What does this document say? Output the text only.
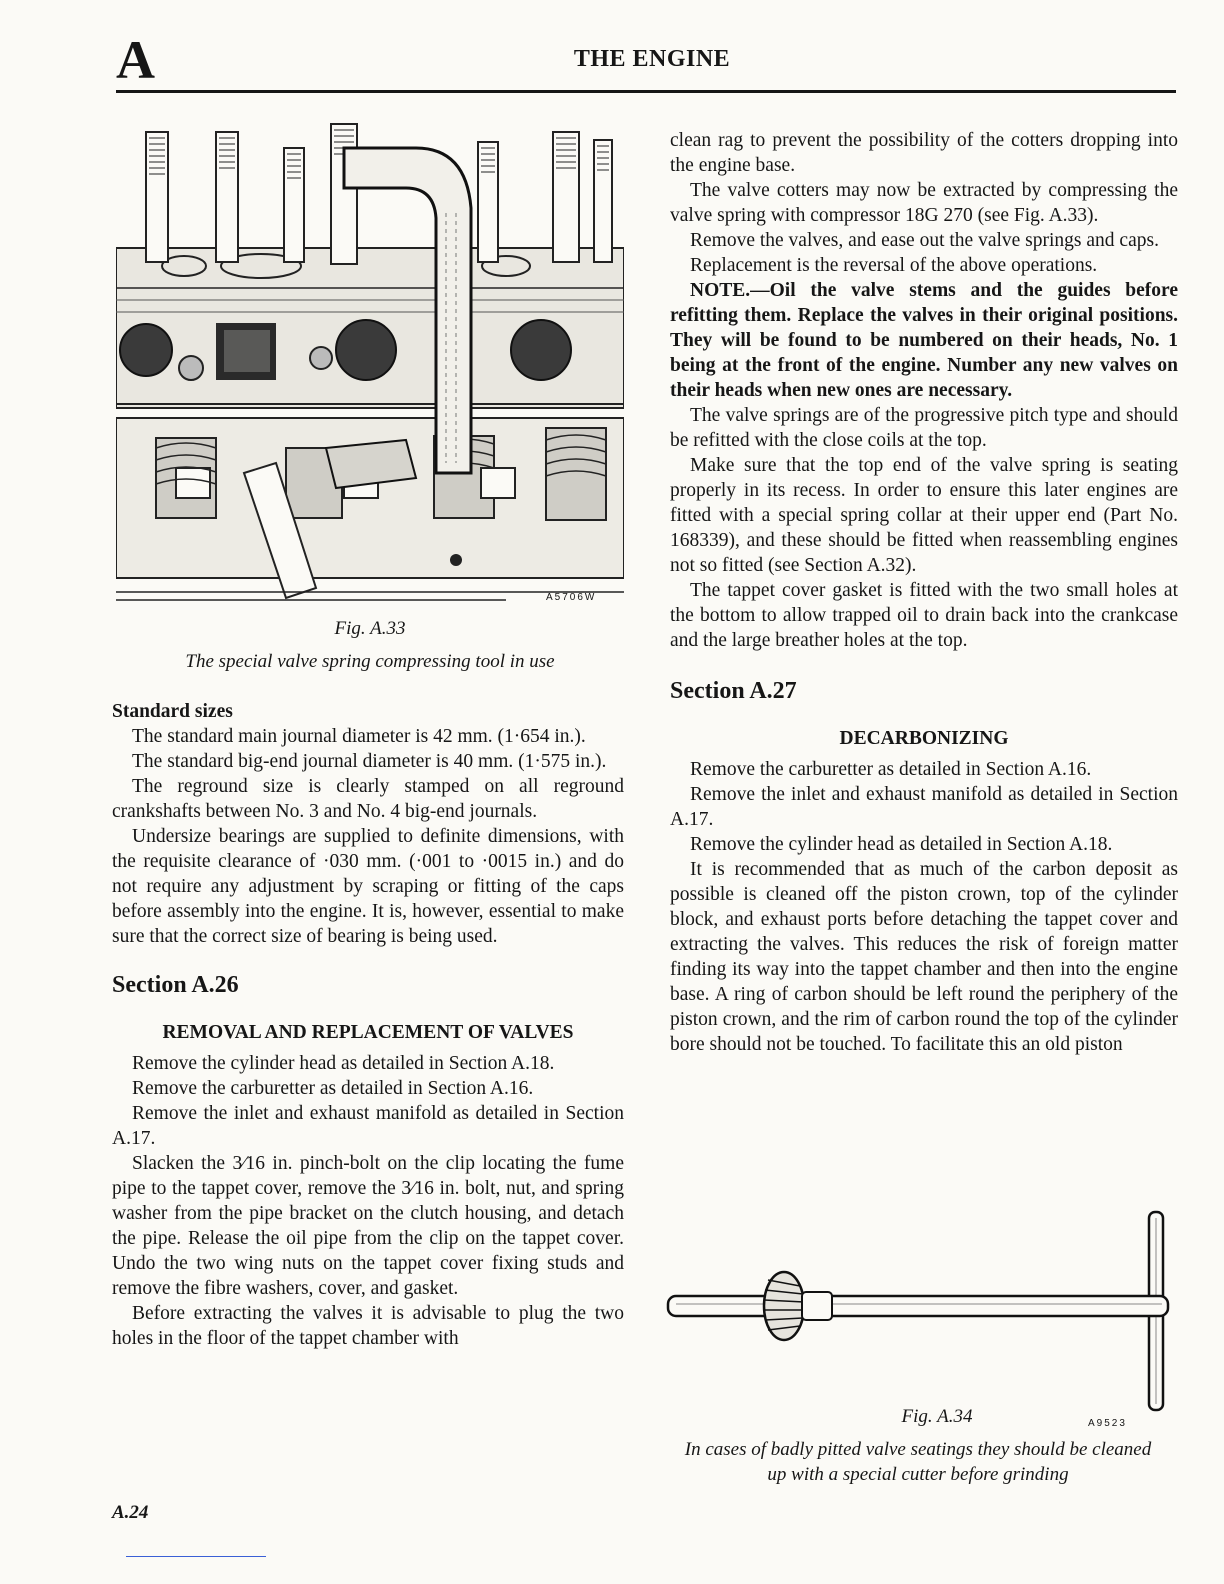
A	THE ENGINE
A5706W
Fig. A.33
The special valve spring compressing tool in use

Standard sizes

The standard main journal diameter is 42 mm. (1·654 in.).

The standard big-end journal diameter is 40 mm. (1·575 in.).

The reground size is clearly stamped on all reground crankshafts between No. 3 and No. 4 big-end journals.

Undersize bearings are supplied to definite dimensions, with the requisite clearance of ·030 mm. (·001 to ·0015 in.) and do not require any adjustment by scraping or fitting of the caps before assembly into the engine. It is, however, essential to make sure that the correct size of bearing is being used.

Section A.26

REMOVAL AND REPLACEMENT OF VALVES

Remove the cylinder head as detailed in Section A.18.

Remove the carburetter as detailed in Section A.16.

Remove the inlet and exhaust manifold as detailed in Section A.17.

Slacken the 3⁄16 in. pinch-bolt on the clip locating the fume pipe to the tappet cover, remove the 3⁄16 in. bolt, nut, and spring washer from the pipe bracket on the clutch housing, and detach the pipe. Release the oil pipe from the clip on the tappet cover. Undo the two wing nuts on the tappet cover fixing studs and remove the fibre washers, cover, and gasket.

Before extracting the valves it is advisable to plug the two holes in the floor of the tappet chamber with

clean rag to prevent the possibility of the cotters dropping into the engine base.

The valve cotters may now be extracted by compressing the valve spring with compressor 18G 270 (see Fig. A.33).

Remove the valves, and ease out the valve springs and caps.

Replacement is the reversal of the above operations.

NOTE.—Oil the valve stems and the guides before refitting them. Replace the valves in their original positions. They will be found to be numbered on their heads, No. 1 being at the front of the engine. Number any new valves on their heads when new ones are necessary.

The valve springs are of the progressive pitch type and should be refitted with the close coils at the top.

Make sure that the top end of the valve spring is seating properly in its recess. In order to ensure this later engines are fitted with a special spring collar at their upper end (Part No. 168339), and these should be fitted when reassembling engines not so fitted (see Section A.32).

The tappet cover gasket is fitted with the two small holes at the bottom to allow trapped oil to drain back into the crankcase and the large breather holes at the top.

Section A.27

DECARBONIZING

Remove the carburetter as detailed in Section A.16.

Remove the inlet and exhaust manifold as detailed in Section A.17.

Remove the cylinder head as detailed in Section A.18.

It is recommended that as much of the carbon deposit as possible is cleaned off the piston crown, top of the cylinder block, and exhaust ports before detaching the tappet cover and extracting the valves. This reduces the risk of foreign matter finding its way into the tappet chamber and then into the engine base. A ring of carbon should be left round the periphery of the piston crown, and the rim of carbon round the top of the cylinder bore should not be touched. To facilitate this an old piston

Fig. A.34	A9523
In cases of badly pitted valve seatings they should be cleaned up with a special cutter before grinding
A.24
